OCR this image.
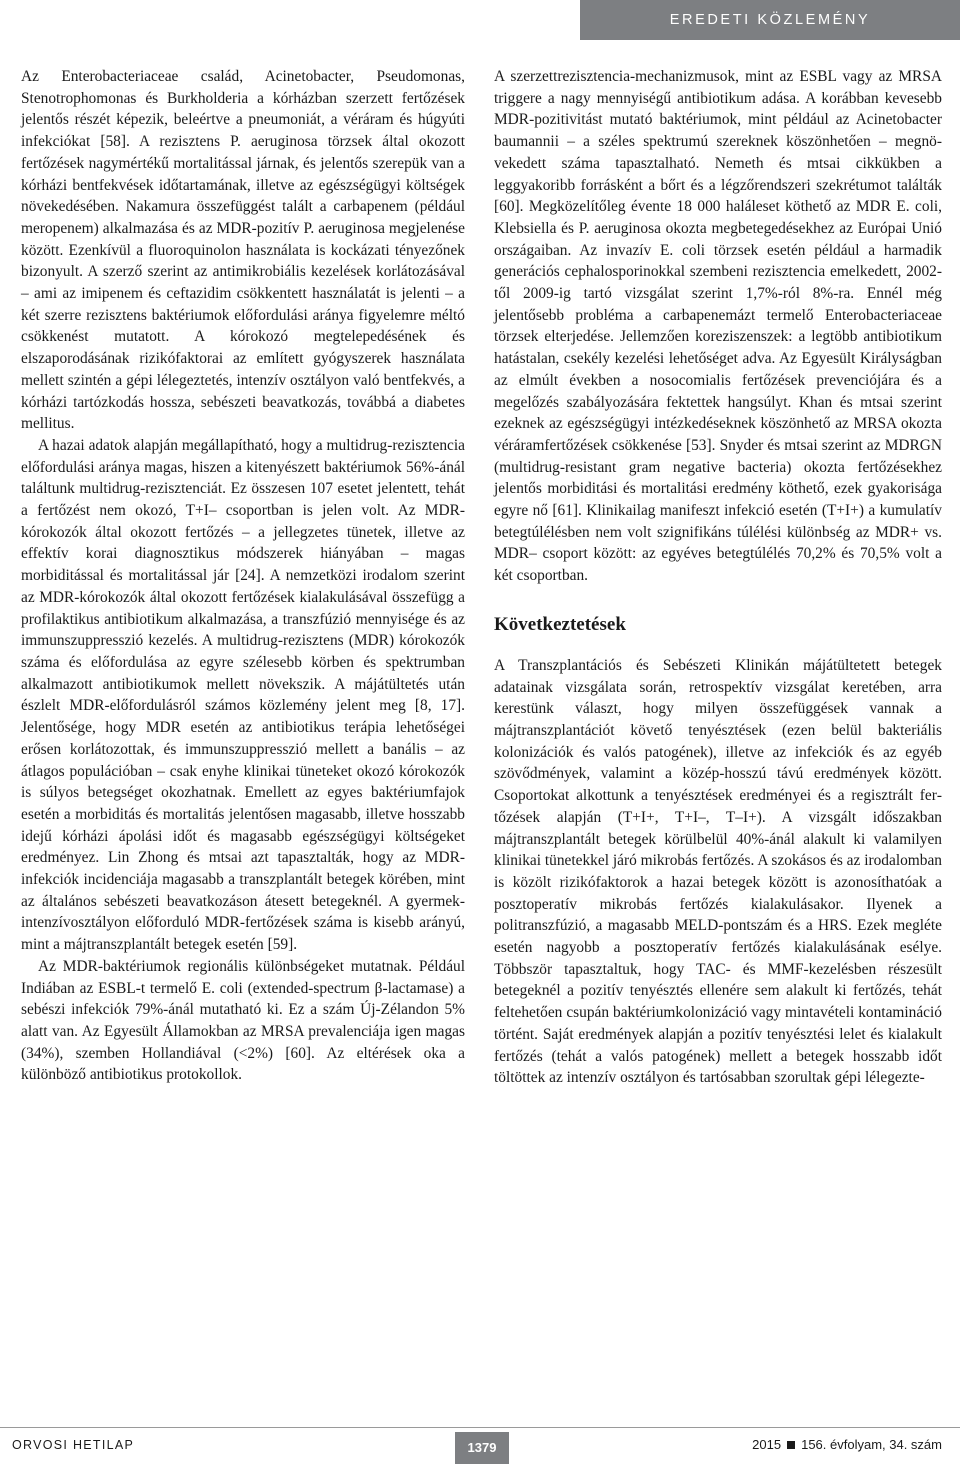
EREDETI KÖZLEMÉNY

Az Enterobacteriaceae család, Acinetobacter, Pseudomonas, Stenotrophomonas és Burkholderia a kórházban szerzett fertőzések jelentős részét képezik, beleértve a pneumoniát, a véráram és húgyúti infekciókat [58]. A rezisztens P. aeruginosa törzsek által okozott fertőzések nagymértékű mortalitással járnak, és jelentős szerepük van a kórházi bentfekvések időtartamának, illetve az egészségügyi költségek növekedésében. Nakamura összefüggést talált a carbapenem (például meropenem) alkalmazása és az MDR-pozitív P. aeruginosa megjelenése között. Ezenkívül a fluoroquinolon használata is kockázati tényezőnek bizonyult. A szerző szerint az antimikrobiális kezelések korlátozásával – ami az imipenem és ceftazidim csökkentett használatát is jelenti – a két szerre rezisztens baktériumok előfordulási aránya figyelemre méltó csökkenést mutatott. A kórokozó megtelepedésének és elszaporodásának rizikófaktorai az említett gyógyszerek használata mellett szintén a gépi lélegeztetés, intenzív osztályon való bentfekvés, a kórházi tartózkodás hossza, sebészeti beavatkozás, továbbá a diabetes mellitus.

A hazai adatok alapján megállapítható, hogy a multidrug-rezisztencia előfordulási aránya magas, hiszen a kitenyészett baktériumok 56%-ánál találtunk multidrug-rezisztenciát. Ez összesen 107 esetet jelentett, tehát a fertőzést nem okozó, T+I– csoportban is jelen volt. Az MDR-kórokozók által okozott fertőzés – a jellegzetes tünetek, illetve az effektív korai diagnosztikus módszerek hiányában – magas morbiditással és mortalitással jár [24]. A nemzetközi irodalom szerint az MDR-kórokozók által okozott fertőzések kialakulásával összefügg a profilaktikus antibiotikum alkalmazása, a transzfúzió mennyisége és az immunszuppresszió kezelés. A multidrug-rezisztens (MDR) kórokozók száma és előfordulása az egyre szélesebb körben és spektrumban alkalmazott antibiotikumok mellett növekszik. A májátültetés után észlelt MDR-előfordulásról számos közlemény jelent meg [8, 17]. Jelentősége, hogy MDR esetén az antibiotikus terápia lehetőségei erősen korlátozottak, és immunszuppresszió mellett a banális – az átlagos populációban – csak enyhe klinikai tüneteket okozó kórokozók is súlyos betegséget okozhatnak. Emellett az egyes baktériumfajok esetén a morbiditás és mortalitás jelentősen magasabb, illetve hosszabb idejű kórházi ápolási időt és magasabb egészségügyi költségeket eredményez. Lin Zhong és mtsai azt tapasztalták, hogy az MDR-infekciók incidenciája magasabb a transzplantált betegek körében, mint az általános sebészeti beavatkozáson átesett betegeknél. A gyermek-intenzívosztályon előforduló MDR-fertőzések száma is kisebb arányú, mint a májtranszplantált betegek esetén [59].

Az MDR-baktériumok regionális különbségeket mutatnak. Például Indiában az ESBL-t termelő E. coli (extended-spectrum β-lactamase) a sebészi infekciók 79%-ánál mutatható ki. Ez a szám Új-Zélandon 5% alatt van. Az Egyesült Államokban az MRSA prevalenciája igen magas (34%), szemben Hollandiával (<2%) [60]. Az eltérések oka a különböző antibiotikus protokollok.

A szerzettrezisztencia-mechanizmusok, mint az ESBL vagy az MRSA triggere a nagy mennyiségű antibiotikum adása. A korábban kevesebb MDR-pozitivitást mutató baktériumok, mint például az Acinetobacter baumannii – a széles spektrumú szereknek köszönhetően – megnövekedett száma tapasztalható. Nemeth és mtsai cikkükben a leggyakoribb forrásként a bőrt és a légzőrendszeri szekrétumot találták [60]. Megközelítőleg évente 18 000 haláleset köthető az MDR E. coli, Klebsiella és P. aeruginosa okozta megbetegedésekhez az Európai Unió országaiban. Az invazív E. coli törzsek esetén például a harmadik generációs cephalosporinokkal szembeni rezisztencia emelkedett, 2002-től 2009-ig tartó vizsgálat szerint 1,7%-ról 8%-ra. Ennél még jelentősebb probléma a carbapenemázt termelő Enterobacteriaceae törzsek elterjedése. Jellemzően koreziszenszek: a legtöbb antibiotikum hatástalan, csekély kezelési lehetőséget adva. Az Egyesült Királyságban az elmúlt években a nosocomialis fertőzések prevenciójára és a megelőzés szabályozására fektettek hangsúlyt. Khan és mtsai szerint ezeknek az egészségügyi intézkedéseknek köszönhető az MRSA okozta véráramfertőzések csökkenése [53]. Snyder és mtsai szerint az MDRGN (multidrug-resistant gram negative bacteria) okozta fertőzésekhez jelentős morbiditási és mortalitási eredmény köthető, ezek gyakorisága egyre nő [61]. Klinikailag manifeszt infekció esetén (T+I+) a kumulatív betegtúlélésben nem volt szignifikáns túlélési különbség az MDR+ vs. MDR– csoport között: az egyéves betegtúlélés 70,2% és 70,5% volt a két csoportban.

Következtetések

A Transzplantációs és Sebészeti Klinikán májátültetett betegek adatainak vizsgálata során, retrospektív vizsgálat keretében, arra kerestünk választ, hogy milyen összefüggések vannak a májtranszplantációt követő tenyésztések (ezen belül bakteriális kolonizációk és valós patogének), illetve az infekciók és az egyéb szövődmények, valamint a közép-hosszú távú eredmények között. Csoportokat alkottunk a tenyésztések eredményei és a regisztrált fertőzések alapján (T+I+, T+I–, T–I+). A vizsgált időszakban májtranszplantált betegek körülbelül 40%-ánál alakult ki valamilyen klinikai tünetekkel járó mikrobás fertőzés. A szokásos és az irodalomban is közölt rizikófaktorok a hazai betegek között is azonosíthatóak a posztoperatív mikrobás fertőzés kialakulásakor. Ilyenek a politranszfúzió, a magasabb MELD-pontszám és a HRS. Ezek megléte esetén nagyobb a posztoperatív fertőzés kialakulásának esélye. Többször tapasztaltuk, hogy TAC- és MMF-kezelésben részesült betegeknél a pozitív tenyésztés ellenére sem alakult ki fertőzés, tehát feltehetően csupán baktériumkolonizáció vagy mintavételi kontamináció történt. Saját eredmények alapján a pozitív tenyésztési lelet és kialakult fertőzés (tehát a valós patogének) mellett a betegek hosszabb időt töltöttek az intenzív osztályon és tartósabban szorultak gépi lélegezte-

ORVOSI HETILAP	1379	2015 156. évfolyam, 34. szám
